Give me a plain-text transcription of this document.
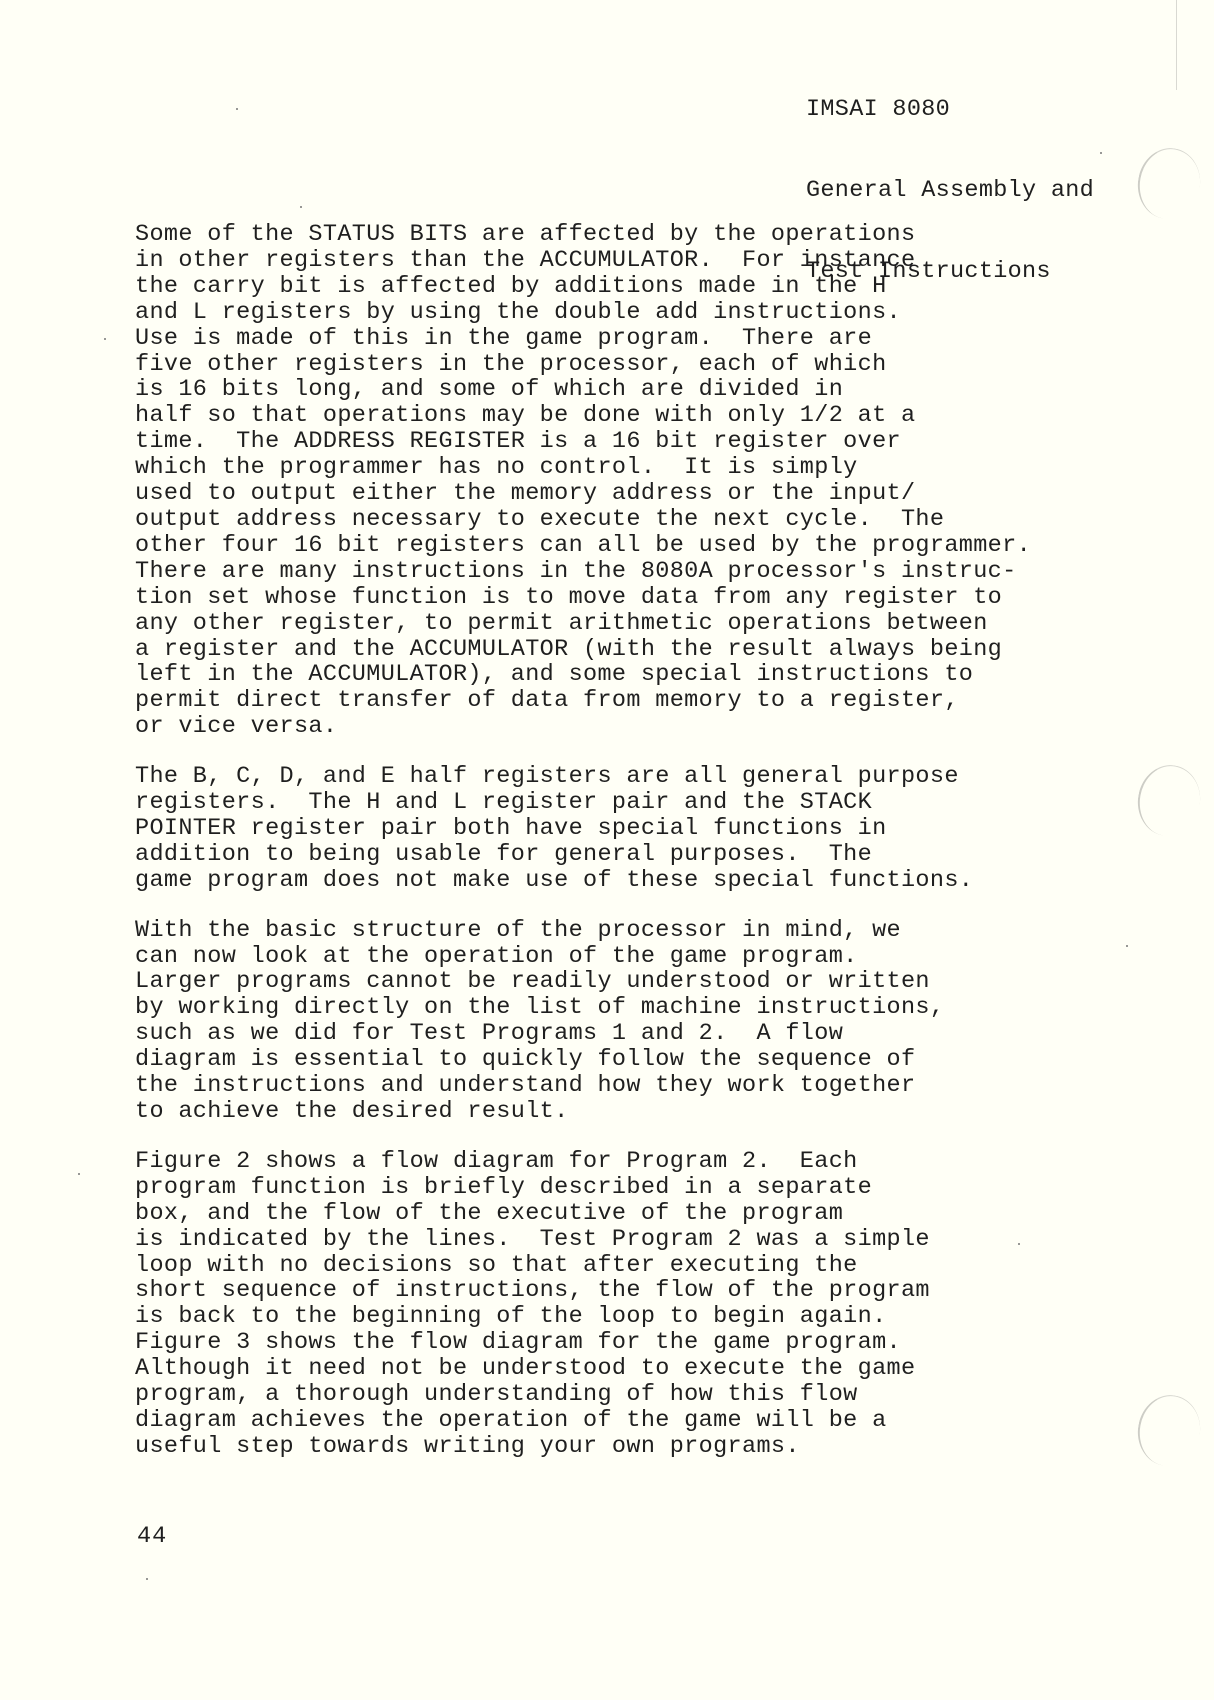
IMSAI 8080

General Assembly and

Test Instructions

Some of the STATUS BITS are affected by the operations
in other registers than the ACCUMULATOR.  For instance
the carry bit is affected by additions made in the H
and L registers by using the double add instructions.
Use is made of this in the game program.  There are
five other registers in the processor, each of which
is 16 bits long, and some of which are divided in
half so that operations may be done with only 1/2 at a
time.  The ADDRESS REGISTER is a 16 bit register over
which the programmer has no control.  It is simply
used to output either the memory address or the input/
output address necessary to execute the next cycle.  The
other four 16 bit registers can all be used by the programmer.
There are many instructions in the 8080A processor's instruc-
tion set whose function is to move data from any register to
any other register, to permit arithmetic operations between
a register and the ACCUMULATOR (with the result always being
left in the ACCUMULATOR), and some special instructions to
permit direct transfer of data from memory to a register,
or vice versa.
The B, C, D, and E half registers are all general purpose
registers.  The H and L register pair and the STACK
POINTER register pair both have special functions in
addition to being usable for general purposes.  The
game program does not make use of these special functions.
With the basic structure of the processor in mind, we
can now look at the operation of the game program.
Larger programs cannot be readily understood or written
by working directly on the list of machine instructions,
such as we did for Test Programs 1 and 2.  A flow
diagram is essential to quickly follow the sequence of
the instructions and understand how they work together
to achieve the desired result.
Figure 2 shows a flow diagram for Program 2.  Each
program function is briefly described in a separate
box, and the flow of the executive of the program
is indicated by the lines.  Test Program 2 was a simple
loop with no decisions so that after executing the
short sequence of instructions, the flow of the program
is back to the beginning of the loop to begin again.
Figure 3 shows the flow diagram for the game program.
Although it need not be understood to execute the game
program, a thorough understanding of how this flow
diagram achieves the operation of the game will be a
useful step towards writing your own programs.
44
